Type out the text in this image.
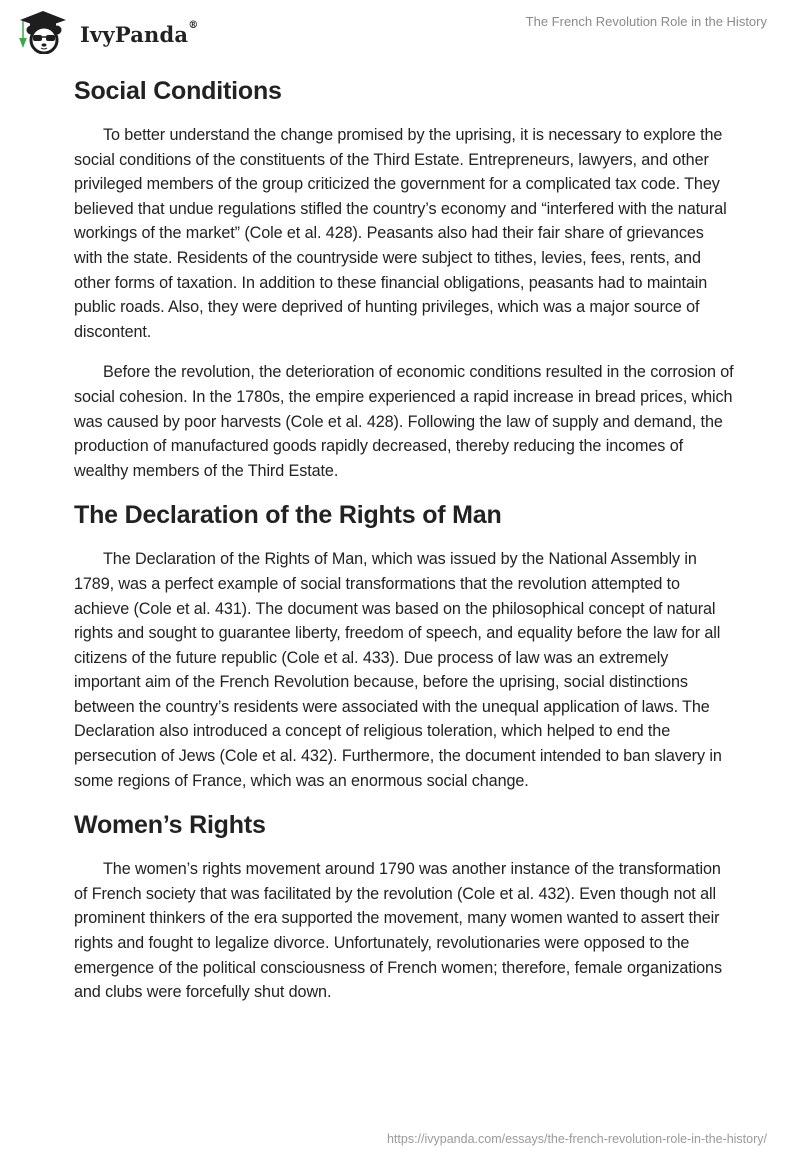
IvyPanda®	The French Revolution Role in the History
Social Conditions

To better understand the change promised by the uprising, it is necessary to explore the social conditions of the constituents of the Third Estate. Entrepreneurs, lawyers, and other privileged members of the group criticized the government for a complicated tax code. They believed that undue regulations stifled the country’s economy and “interfered with the natural workings of the market” (Cole et al. 428). Peasants also had their fair share of grievances with the state. Residents of the countryside were subject to tithes, levies, fees, rents, and other forms of taxation. In addition to these financial obligations, peasants had to maintain public roads. Also, they were deprived of hunting privileges, which was a major source of discontent.

Before the revolution, the deterioration of economic conditions resulted in the corrosion of social cohesion. In the 1780s, the empire experienced a rapid increase in bread prices, which was caused by poor harvests (Cole et al. 428). Following the law of supply and demand, the production of manufactured goods rapidly decreased, thereby reducing the incomes of wealthy members of the Third Estate.

The Declaration of the Rights of Man

The Declaration of the Rights of Man, which was issued by the National Assembly in 1789, was a perfect example of social transformations that the revolution attempted to achieve (Cole et al. 431). The document was based on the philosophical concept of natural rights and sought to guarantee liberty, freedom of speech, and equality before the law for all citizens of the future republic (Cole et al. 433). Due process of law was an extremely important aim of the French Revolution because, before the uprising, social distinctions between the country’s residents were associated with the unequal application of laws. The Declaration also introduced a concept of religious toleration, which helped to end the persecution of Jews (Cole et al. 432). Furthermore, the document intended to ban slavery in some regions of France, which was an enormous social change.

Women’s Rights

The women’s rights movement around 1790 was another instance of the transformation of French society that was facilitated by the revolution (Cole et al. 432). Even though not all prominent thinkers of the era supported the movement, many women wanted to assert their rights and fought to legalize divorce. Unfortunately, revolutionaries were opposed to the emergence of the political consciousness of French women; therefore, female organizations and clubs were forcefully shut down.

https://ivypanda.com/essays/the-french-revolution-role-in-the-history/
